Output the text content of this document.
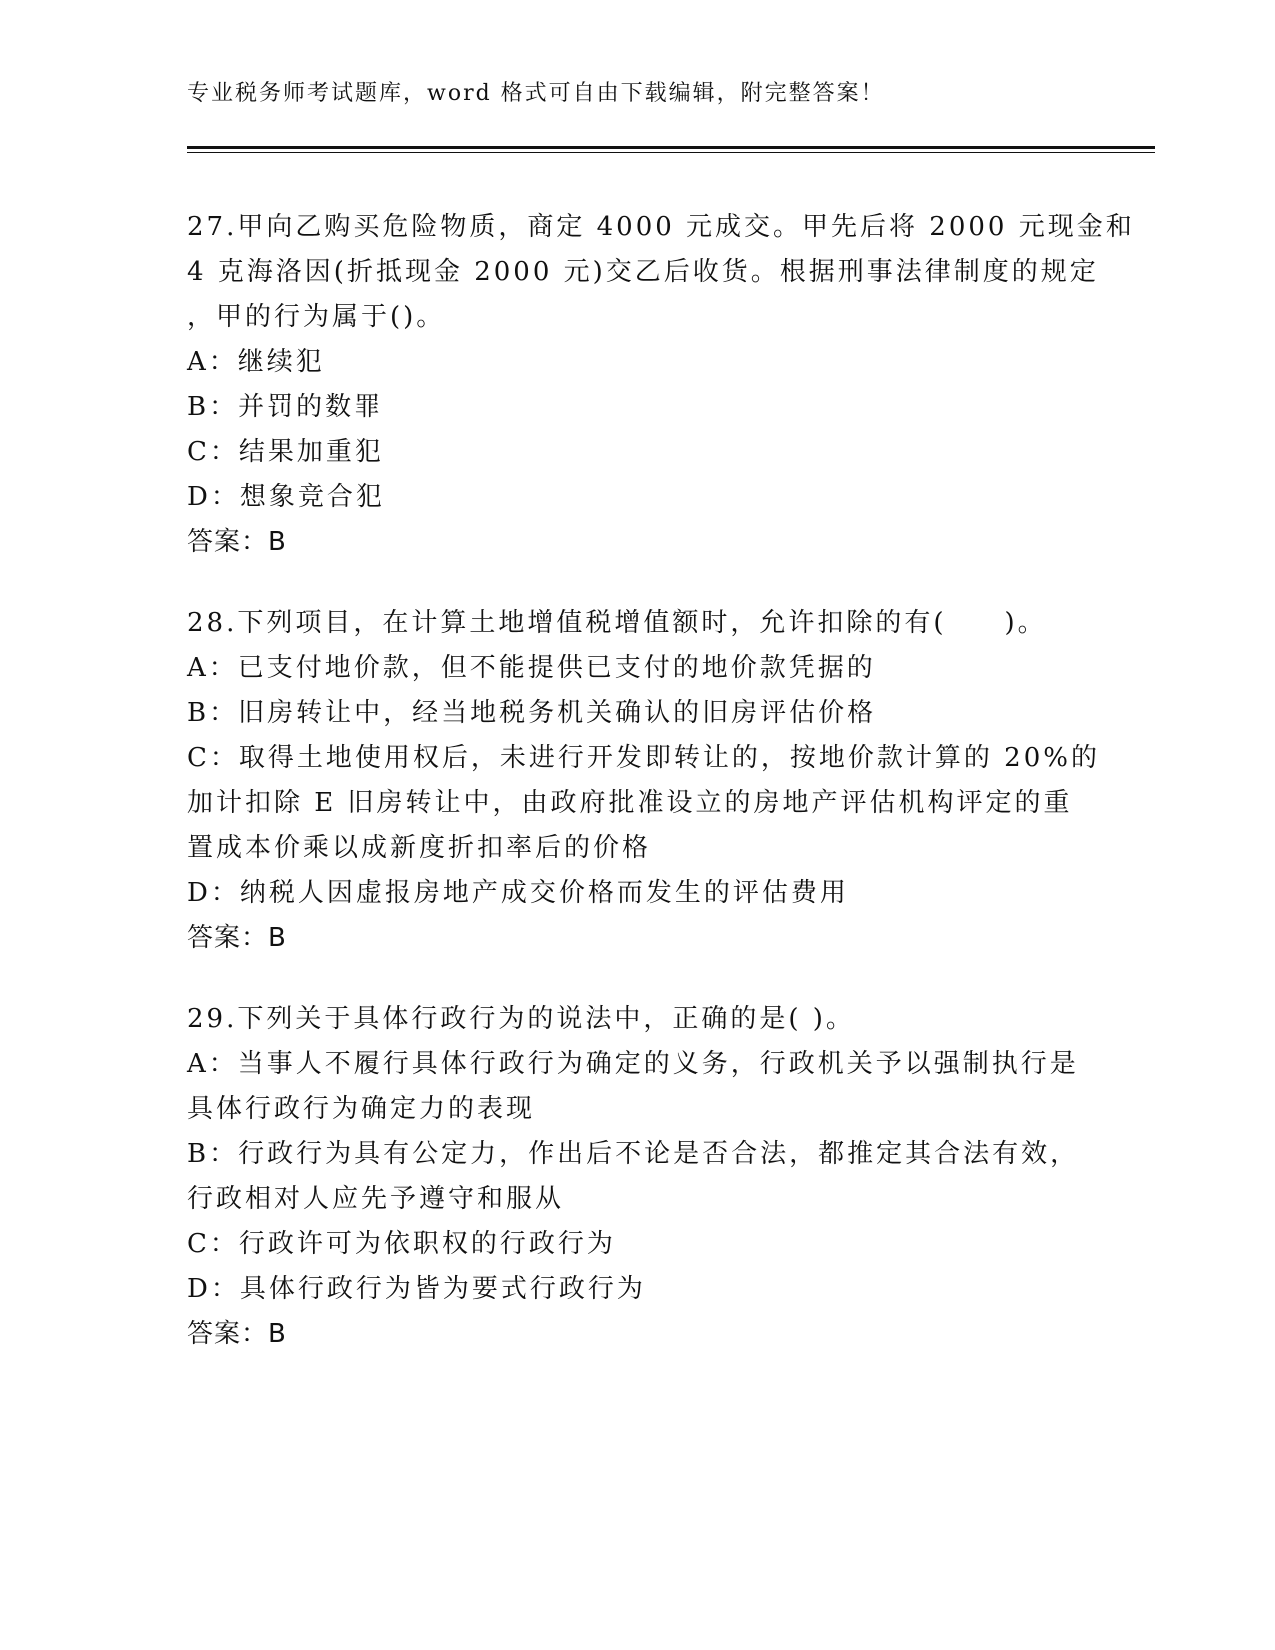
专业税务师考试题库，word 格式可自由下载编辑，附完整答案！
27.甲向乙购买危险物质，商定 4000 元成交。甲先后将 2000 元现金和
4 克海洛因(折抵现金 2000 元)交乙后收货。根据刑事法律制度的规定
，甲的行为属于()。
A：继续犯
B：并罚的数罪
C：结果加重犯
D：想象竞合犯
答案：B
28.下列项目，在计算土地增值税增值额时，允许扣除的有(　　)。
A：已支付地价款，但不能提供已支付的地价款凭据的
B：旧房转让中，经当地税务机关确认的旧房评估价格
C：取得土地使用权后，未进行开发即转让的，按地价款计算的 20%的
加计扣除 E 旧房转让中，由政府批准设立的房地产评估机构评定的重
置成本价乘以成新度折扣率后的价格
D：纳税人因虚报房地产成交价格而发生的评估费用
答案：B
29.下列关于具体行政行为的说法中，正确的是( )。
A：当事人不履行具体行政行为确定的义务，行政机关予以强制执行是
具体行政行为确定力的表现
B：行政行为具有公定力，作出后不论是否合法，都推定其合法有效，
行政相对人应先予遵守和服从
C：行政许可为依职权的行政行为
D：具体行政行为皆为要式行政行为
答案：B
